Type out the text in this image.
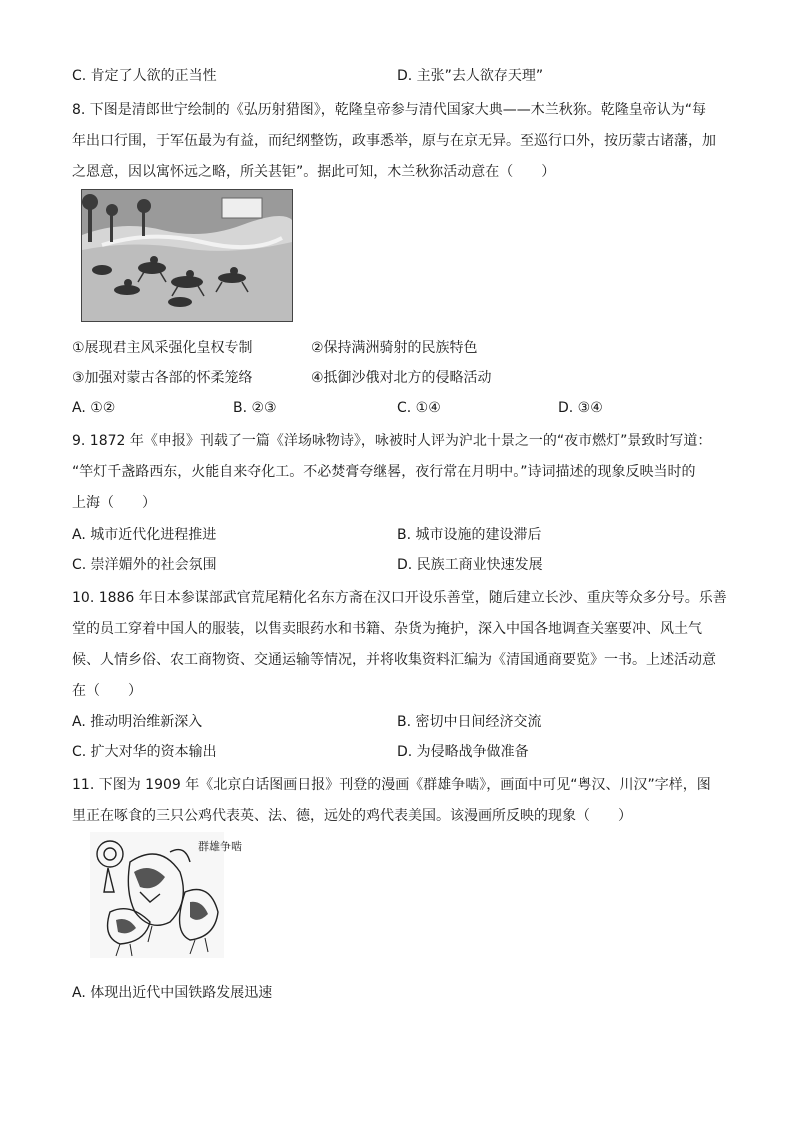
C. 肯定了人欲的正当性	D. 主张”去人欲存天理”
8. 下图是清郎世宁绘制的《弘历射猎图》，乾隆皇帝参与清代国家大典——木兰秋狝。乾隆皇帝认为“每
年出口行围，于军伍最为有益，而纪纲整饬，政事悉举，原与在京无异。至巡行口外，按历蒙古诸藩，加
之恩意，因以寓怀远之略，所关甚钜”。据此可知，木兰秋狝活动意在（　　）
①展现君主风采强化皇权专制	②保持满洲骑射的民族特色
③加强对蒙古各部的怀柔笼络	④抵御沙俄对北方的侵略活动
A. ①②	B. ②③	C. ①④	D. ③④
9. 1872 年《申报》刊载了一篇《洋场咏物诗》，咏被时人评为沪北十景之一的“夜市燃灯”景致时写道：
“竿灯千盏路西东，火能自来夺化工。不必焚膏夸继晷，夜行常在月明中。”诗词描述的现象反映当时的
上海（　　）
A. 城市近代化进程推进	B. 城市设施的建设滞后
C. 崇洋媚外的社会氛围	D. 民族工商业快速发展
10. 1886 年日本参谋部武官荒尾精化名东方斋在汉口开设乐善堂，随后建立长沙、重庆等众多分号。乐善
堂的员工穿着中国人的服装，以售卖眼药水和书籍、杂货为掩护，深入中国各地调查关塞要冲、风土气
候、人情乡俗、农工商物资、交通运输等情况，并将收集资料汇编为《清国通商要览》一书。上述活动意
在（　　）
A. 推动明治维新深入	B. 密切中日间经济交流
C. 扩大对华的资本输出	D. 为侵略战争做准备
11. 下图为 1909 年《北京白话图画日报》刊登的漫画《群雄争啮》，画面中可见“粤汉、川汉”字样，图
里正在啄食的三只公鸡代表英、法、德，远处的鸡代表美国。该漫画所反映的现象（　　）
群雄争啮
A. 体现出近代中国铁路发展迅速
